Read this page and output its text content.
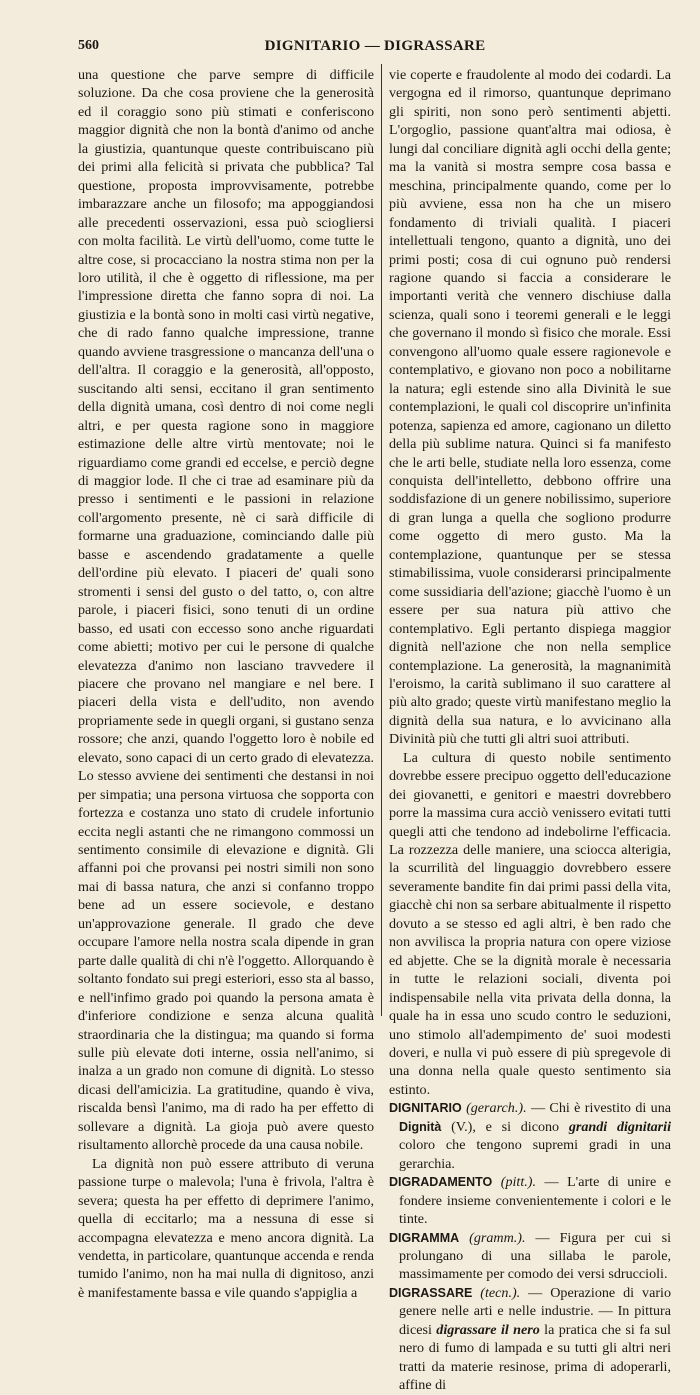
560	DIGNITARIO — DIGRASSARE

una questione che parve sempre di difficile soluzione. Da che cosa proviene che la generosità ed il coraggio sono più stimati e conferiscono maggior dignità che non la bontà d'animo od anche la giustizia, quantunque queste contribuiscano più dei primi alla felicità si privata che pubblica? Tal questione, proposta improvvisamente, potrebbe imbarazzare anche un filosofo; ma appoggiandosi alle precedenti osservazioni, essa può sciogliersi con molta facilità. Le virtù dell'uomo, come tutte le altre cose, si procacciano la nostra stima non per la loro utilità, il che è oggetto di riflessione, ma per l'impressione diretta che fanno sopra di noi. La giustizia e la bontà sono in molti casi virtù negative, che di rado fanno qualche impressione, tranne quando avviene trasgressione o mancanza dell'una o dell'altra. Il coraggio e la generosità, all'opposto, suscitando alti sensi, eccitano il gran sentimento della dignità umana, così dentro di noi come negli altri, e per questa ragione sono in maggiore estimazione delle altre virtù mentovate; noi le riguardiamo come grandi ed eccelse, e perciò degne di maggior lode. Il che ci trae ad esaminare più da presso i sentimenti e le passioni in relazione coll'argomento presente, nè ci sarà difficile di formarne una graduazione, cominciando dalle più basse e ascendendo gradatamente a quelle dell'ordine più elevato. I piaceri de' quali sono stromenti i sensi del gusto o del tatto, o, con altre parole, i piaceri fisici, sono tenuti di un ordine basso, ed usati con eccesso sono anche riguardati come abietti; motivo per cui le persone di qualche elevatezza d'animo non lasciano travvedere il piacere che provano nel mangiare e nel bere. I piaceri della vista e dell'udito, non avendo propriamente sede in quegli organi, si gustano senza rossore; che anzi, quando l'oggetto loro è nobile ed elevato, sono capaci di un certo grado di elevatezza. Lo stesso avviene dei sentimenti che destansi in noi per simpatia; una persona virtuosa che sopporta con fortezza e costanza uno stato di crudele infortunio eccita negli astanti che ne rimangono commossi un sentimento consimile di elevazione e dignità. Gli affanni poi che provansi pei nostri simili non sono mai di bassa natura, che anzi si confanno troppo bene ad un essere socievole, e destano un'approvazione generale. Il grado che deve occupare l'amore nella nostra scala dipende in gran parte dalle qualità di chi n'è l'oggetto. Allorquando è soltanto fondato sui pregi esteriori, esso sta al basso, e nell'infimo grado poi quando la persona amata è d'inferiore condizione e senza alcuna qualità straordinaria che la distingua; ma quando si forma sulle più elevate doti interne, ossia nell'animo, si inalza a un grado non comune di dignità. Lo stesso dicasi dell'amicizia. La gratitudine, quando è viva, riscalda bensì l'animo, ma di rado ha per effetto di sollevare a dignità. La gioja può avere questo risultamento allorchè procede da una causa nobile.

La dignità non può essere attributo di veruna passione turpe o malevola; l'una è frivola, l'altra è severa; questa ha per effetto di deprimere l'animo, quella di eccitarlo; ma a nessuna di esse si accompagna elevatezza e meno ancora dignità. La vendetta, in particolare, quantunque accenda e renda tumido l'animo, non ha mai nulla di dignitoso, anzi è manifestamente bassa e vile quando s'appiglia a

vie coperte e fraudolente al modo dei codardi. La vergogna ed il rimorso, quantunque deprimano gli spiriti, non sono però sentimenti abjetti. L'orgoglio, passione quant'altra mai odiosa, è lungi dal conciliare dignità agli occhi della gente; ma la vanità si mostra sempre cosa bassa e meschina, principalmente quando, come per lo più avviene, essa non ha che un misero fondamento di triviali qualità. I piaceri intellettuali tengono, quanto a dignità, uno dei primi posti; cosa di cui ognuno può rendersi ragione quando si faccia a considerare le importanti verità che vennero dischiuse dalla scienza, quali sono i teoremi generali e le leggi che governano il mondo sì fisico che morale. Essi convengono all'uomo quale essere ragionevole e contemplativo, e giovano non poco a nobilitarne la natura; egli estende sino alla Divinità le sue contemplazioni, le quali col discoprire un'infinita potenza, sapienza ed amore, cagionano un diletto della più sublime natura. Quinci si fa manifesto che le arti belle, studiate nella loro essenza, come conquista dell'intelletto, debbono offrire una soddisfazione di un genere nobilissimo, superiore di gran lunga a quella che sogliono produrre come oggetto di mero gusto. Ma la contemplazione, quantunque per se stessa stimabilissima, vuole considerarsi principalmente come sussidiaria dell'azione; giacchè l'uomo è un essere per sua natura più attivo che contemplativo. Egli pertanto dispiega maggior dignità nell'azione che non nella semplice contemplazione. La generosità, la magnanimità l'eroismo, la carità sublimano il suo carattere al più alto grado; queste virtù manifestano meglio la dignità della sua natura, e lo avvicinano alla Divinità più che tutti gli altri suoi attributi.

La cultura di questo nobile sentimento dovrebbe essere precipuo oggetto dell'educazione dei giovanetti, e genitori e maestri dovrebbero porre la massima cura acciò venissero evitati tutti quegli atti che tendono ad indebolirne l'efficacia. La rozzezza delle maniere, una sciocca alterigia, la scurrilità del linguaggio dovrebbero essere severamente bandite fin dai primi passi della vita, giacchè chi non sa serbare abitualmente il rispetto dovuto a se stesso ed agli altri, è ben rado che non avvilisca la propria natura con opere viziose ed abjette. Che se la dignità morale è necessaria in tutte le relazioni sociali, diventa poi indispensabile nella vita privata della donna, la quale ha in essa uno scudo contro le seduzioni, uno stimolo all'adempimento de' suoi modesti doveri, e nulla vi può essere di più spregevole di una donna nella quale questo sentimento sia estinto.

DIGNITARIO (gerarch.). — Chi è rivestito di una Dignità (V.), e si dicono grandi dignitarii coloro che tengono supremi gradi in una gerarchia.

DIGRADAMENTO (pitt.). — L'arte di unire e fondere insieme convenientemente i colori e le tinte.

DIGRAMMA (gramm.). — Figura per cui si prolungano di una sillaba le parole, massimamente per comodo dei versi sdruccioli.

DIGRASSARE (tecn.). — Operazione di vario genere nelle arti e nelle industrie. — In pittura dicesi digrassare il nero la pratica che si fa sul nero di fumo di lampada e su tutti gli altri neri tratti da materie resinose, prima di adoperarli, affine di
